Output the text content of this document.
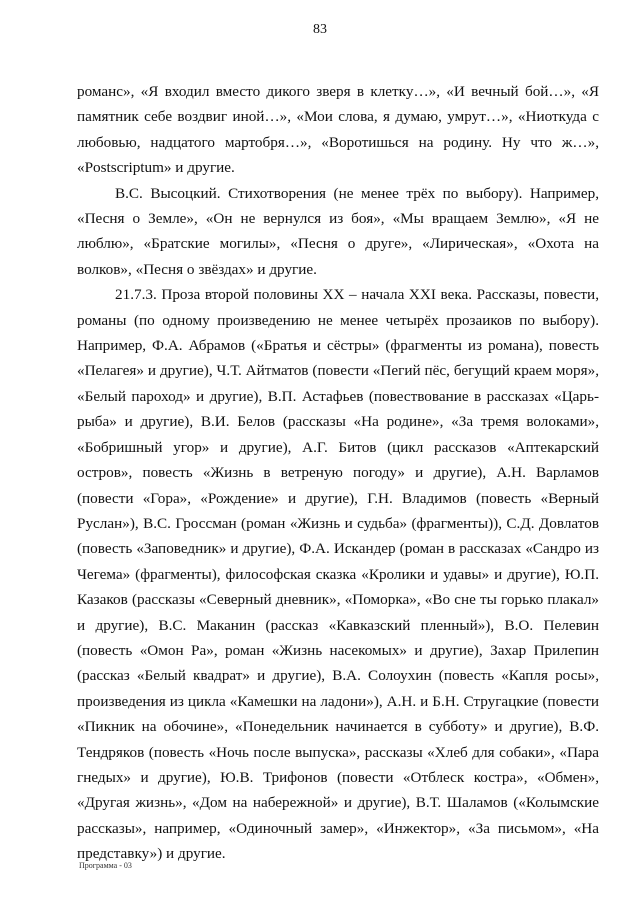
83

романс», «Я входил вместо дикого зверя в клетку…», «И вечный бой…», «Я памятник себе воздвиг иной…», «Мои слова, я думаю, умрут…», «Ниоткуда с любовью, надцатого мартобря…», «Воротишься на родину. Ну что ж…», «Postscriptum» и другие.

В.С. Высоцкий. Стихотворения (не менее трёх по выбору). Например, «Песня о Земле», «Он не вернулся из боя», «Мы вращаем Землю», «Я не люблю», «Братские могилы», «Песня о друге», «Лирическая», «Охота на волков», «Песня о звёздах» и другие.

21.7.3. Проза второй половины XX – начала XXI века. Рассказы, повести, романы (по одному произведению не менее четырёх прозаиков по выбору). Например, Ф.А. Абрамов («Братья и сёстры» (фрагменты из романа), повесть «Пелагея» и другие), Ч.Т. Айтматов (повести «Пегий пёс, бегущий краем моря», «Белый пароход» и другие), В.П. Астафьев (повествование в рассказах «Царь-рыба» и другие), В.И. Белов (рассказы «На родине», «За тремя волоками», «Бобришный угор» и другие), А.Г. Битов (цикл рассказов «Аптекарский остров», повесть «Жизнь в ветреную погоду» и другие), А.Н. Варламов (повести «Гора», «Рождение» и другие), Г.Н. Владимов (повесть «Верный Руслан»), В.С. Гроссман (роман «Жизнь и судьба» (фрагменты)), С.Д. Довлатов (повесть «Заповедник» и другие), Ф.А. Искандер (роман в рассказах «Сандро из Чегема» (фрагменты), философская сказка «Кролики и удавы» и другие), Ю.П. Казаков (рассказы «Северный дневник», «Поморка», «Во сне ты горько плакал» и другие), В.С. Маканин (рассказ «Кавказский пленный»), В.О. Пелевин (повесть «Омон Ра», роман «Жизнь насекомых» и другие), Захар Прилепин (рассказ «Белый квадрат» и другие), В.А. Солоухин (повесть «Капля росы», произведения из цикла «Камешки на ладони»), А.Н. и Б.Н. Стругацкие (повести «Пикник на обочине», «Понедельник начинается в субботу» и другие), В.Ф. Тендряков (повесть «Ночь после выпуска», рассказы «Хлеб для собаки», «Пара гнедых» и другие), Ю.В. Трифонов (повести «Отблеск костра», «Обмен», «Другая жизнь», «Дом на набережной» и другие), В.Т. Шаламов («Колымские рассказы», например, «Одиночный замер», «Инжектор», «За письмом», «На представку») и другие.

Программа - 03
